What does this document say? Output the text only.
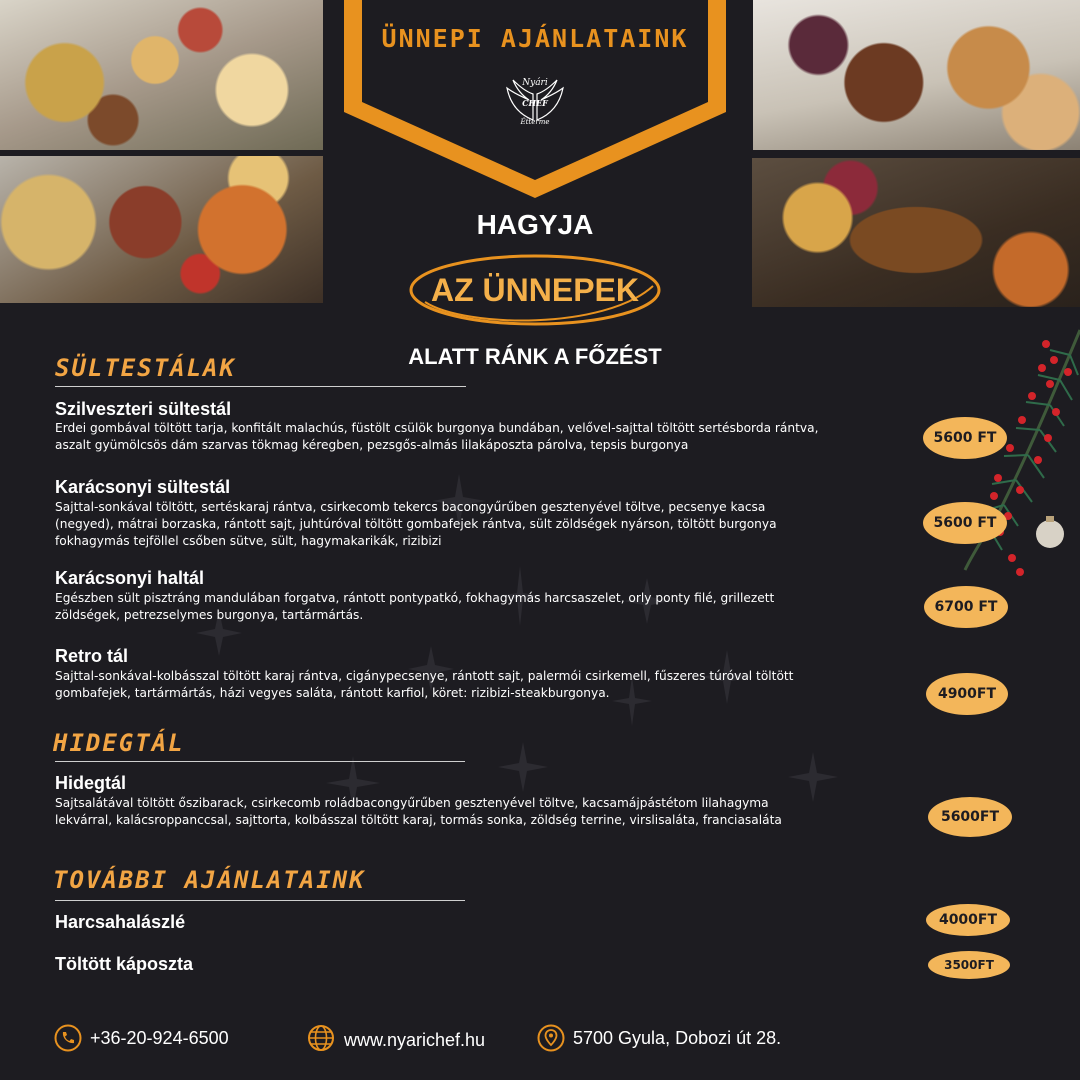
ÜNNEPI AJÁNLATAINK
Nyári
CHEF
Étterme
HAGYJA
AZ ÜNNEPEK
ALATT RÁNK A FŐZÉST
SÜLTESTÁLAK
Szilveszteri sültestál
Erdei gombával töltött tarja, konfitált malachús, füstölt csülök burgonya bundában, velővel-sajttal töltött sertésborda rántva,
aszalt gyümölcsös dám szarvas tökmag kéregben, pezsgős-almás lilakáposzta párolva, tepsis burgonya	5600 FT
Karácsonyi sültestál
Sajttal-sonkával töltött, sertéskaraj rántva, csirkecomb tekercs bacongyűrűben gesztenyével töltve, pecsenye kacsa
(negyed), mátrai borzaska, rántott sajt, juhtúróval töltött gombafejek rántva, sült zöldségek nyárson, töltött burgonya
fokhagymás tejföllel csőben sütve, sült, hagymakarikák, rizibizi
5600 FT
Karácsonyi haltál
Egészben sült pisztráng mandulában forgatva, rántott pontypatkó, fokhagymás harcsaszelet, orly ponty filé, grillezett
zöldségek, petrezselymes burgonya, tartármártás.	6700 FT
Retro tál
Sajttal-sonkával-kolbásszal töltött karaj rántva, cigánypecsenye, rántott sajt, palermói csirkemell, fűszeres túróval töltött
gombafejek, tartármártás, házi vegyes saláta, rántott karfiol, köret: rizibizi-steakburgonya.	4900FT
HIDEGTÁL
Hidegtál
Sajtsalátával töltött őszibarack, csirkecomb roládbacongyűrűben gesztenyével töltve, kacsamájpástétom lilahagyma
lekvárral, kalácsroppanccsal, sajttorta, kolbásszal töltött karaj, tormás sonka, zöldség terrine, virslisaláta, franciasaláta	5600FT
TOVÁBBI AJÁNLATAINK
Harcsahalászlé	4000FT
Töltött káposzta	3500FT
+36-20-924-6500	www.nyarichef.hu	5700 Gyula, Dobozi út 28.
